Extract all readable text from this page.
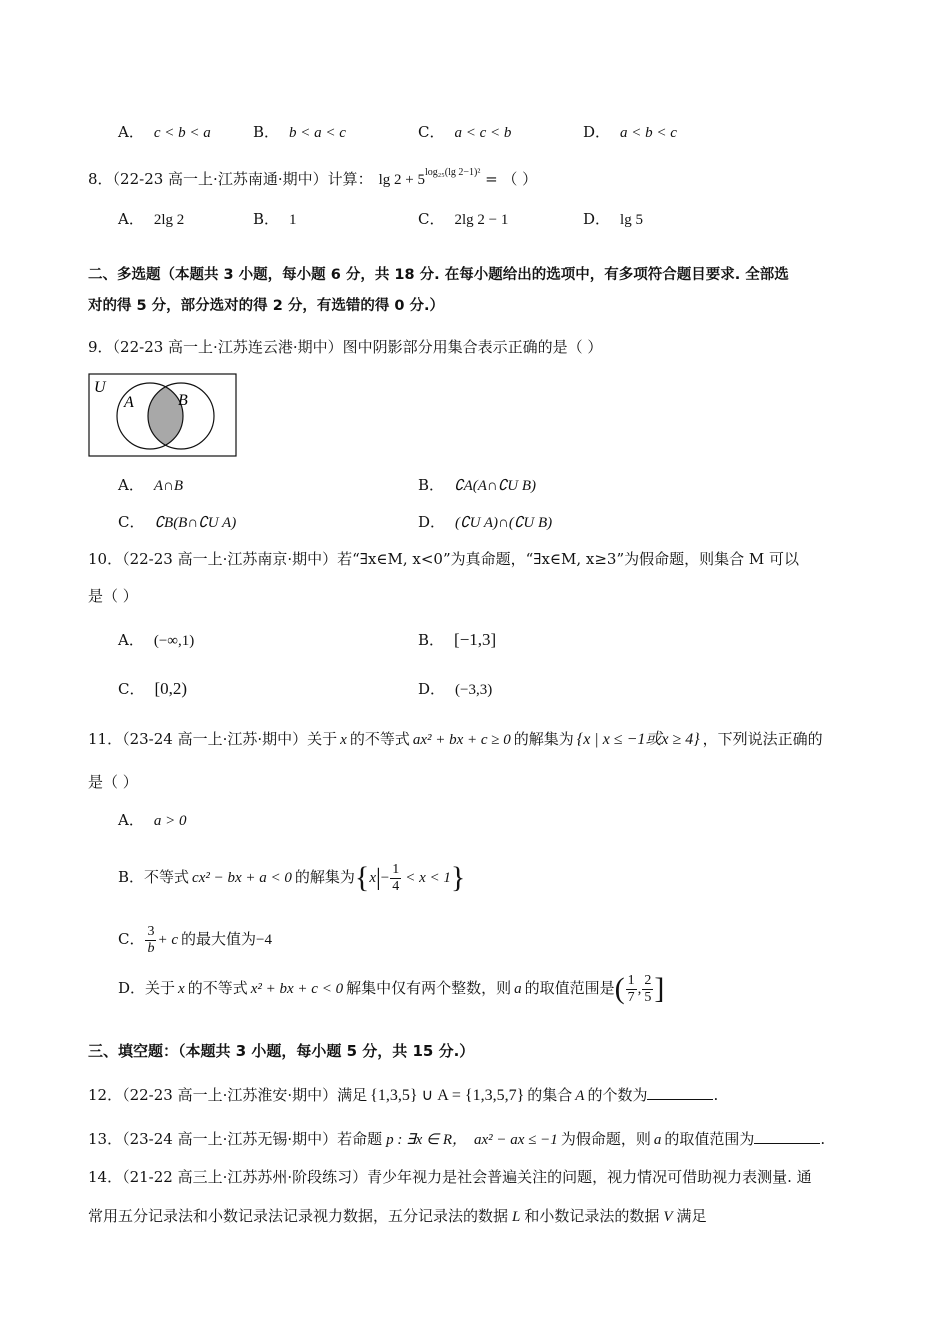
A． c < b < a	B． b < a < c	C． a < c < b	D． a < b < c
8．（22-23 高一上·江苏南通·期中）计算： $\lg 2 + 5^{log_{25}(lg 2-1)^2}$ = （ ）
A． 2lg 2	B． 1	C． 2lg 2 − 1	D． lg 5
二、多选题（本题共 3 小题，每小题 6 分，共 18 分. 在每小题给出的选项中，有多项符合题目要求. 全部选
对的得 5 分，部分选对的得 2 分，有选错的得 0 分.）
9．（22-23 高一上·江苏连云港·期中）图中阴影部分用集合表示正确的是（ ）
U
A	B
A． A∩B	B． ∁A(A∩∁U B)
C． ∁B(B∩∁U A)	D． (∁U A)∩(∁U B)
10．（22-23 高一上·江苏南京·期中）若“∃x∈M, x<0”为真命题，“∃x∈M, x≥3”为假命题，则集合 M 可以
是（ ）
A． (−∞,1)	B． [−1,3]
C． [0,2)	D． (−3,3)
11．（23-24 高一上·江苏·期中）关于 x 的不等式 ax² + bx + c ≥ 0 的解集为 {x | x ≤ −1或x ≥ 4} ，下列说法正确的
是（ ）
A． a > 0
B．不等式 cx² − bx + a < 0 的解集为$\{x|- \frac{1}{4} < x < 1\}$
C． $\frac{3}{b} + c$ 的最大值为−4
D．关于 x 的不等式 x² + bx + c < 0 解集中仅有两个整数，则 a 的取值范围是( $\frac{1}{7}$ , $\frac{2}{5}$ ]
三、填空题：（本题共 3 小题，每小题 5 分，共 15 分.）
12．（22-23 高一上·江苏淮安·期中）满足 {1,3,5} ∪ A = {1,3,5,7} 的集合 A 的个数为	.
13．（23-24 高一上·江苏无锡·期中）若命题 p : ∃x ∈ R， ax² − ax ≤ −1 为假命题，则 a 的取值范围为	.
14．（21-22 高三上·江苏苏州·阶段练习）青少年视力是社会普遍关注的问题，视力情况可借助视力表测量. 通
常用五分记录法和小数记录法记录视力数据，五分记录法的数据 L 和小数记录法的数据 V 满足
